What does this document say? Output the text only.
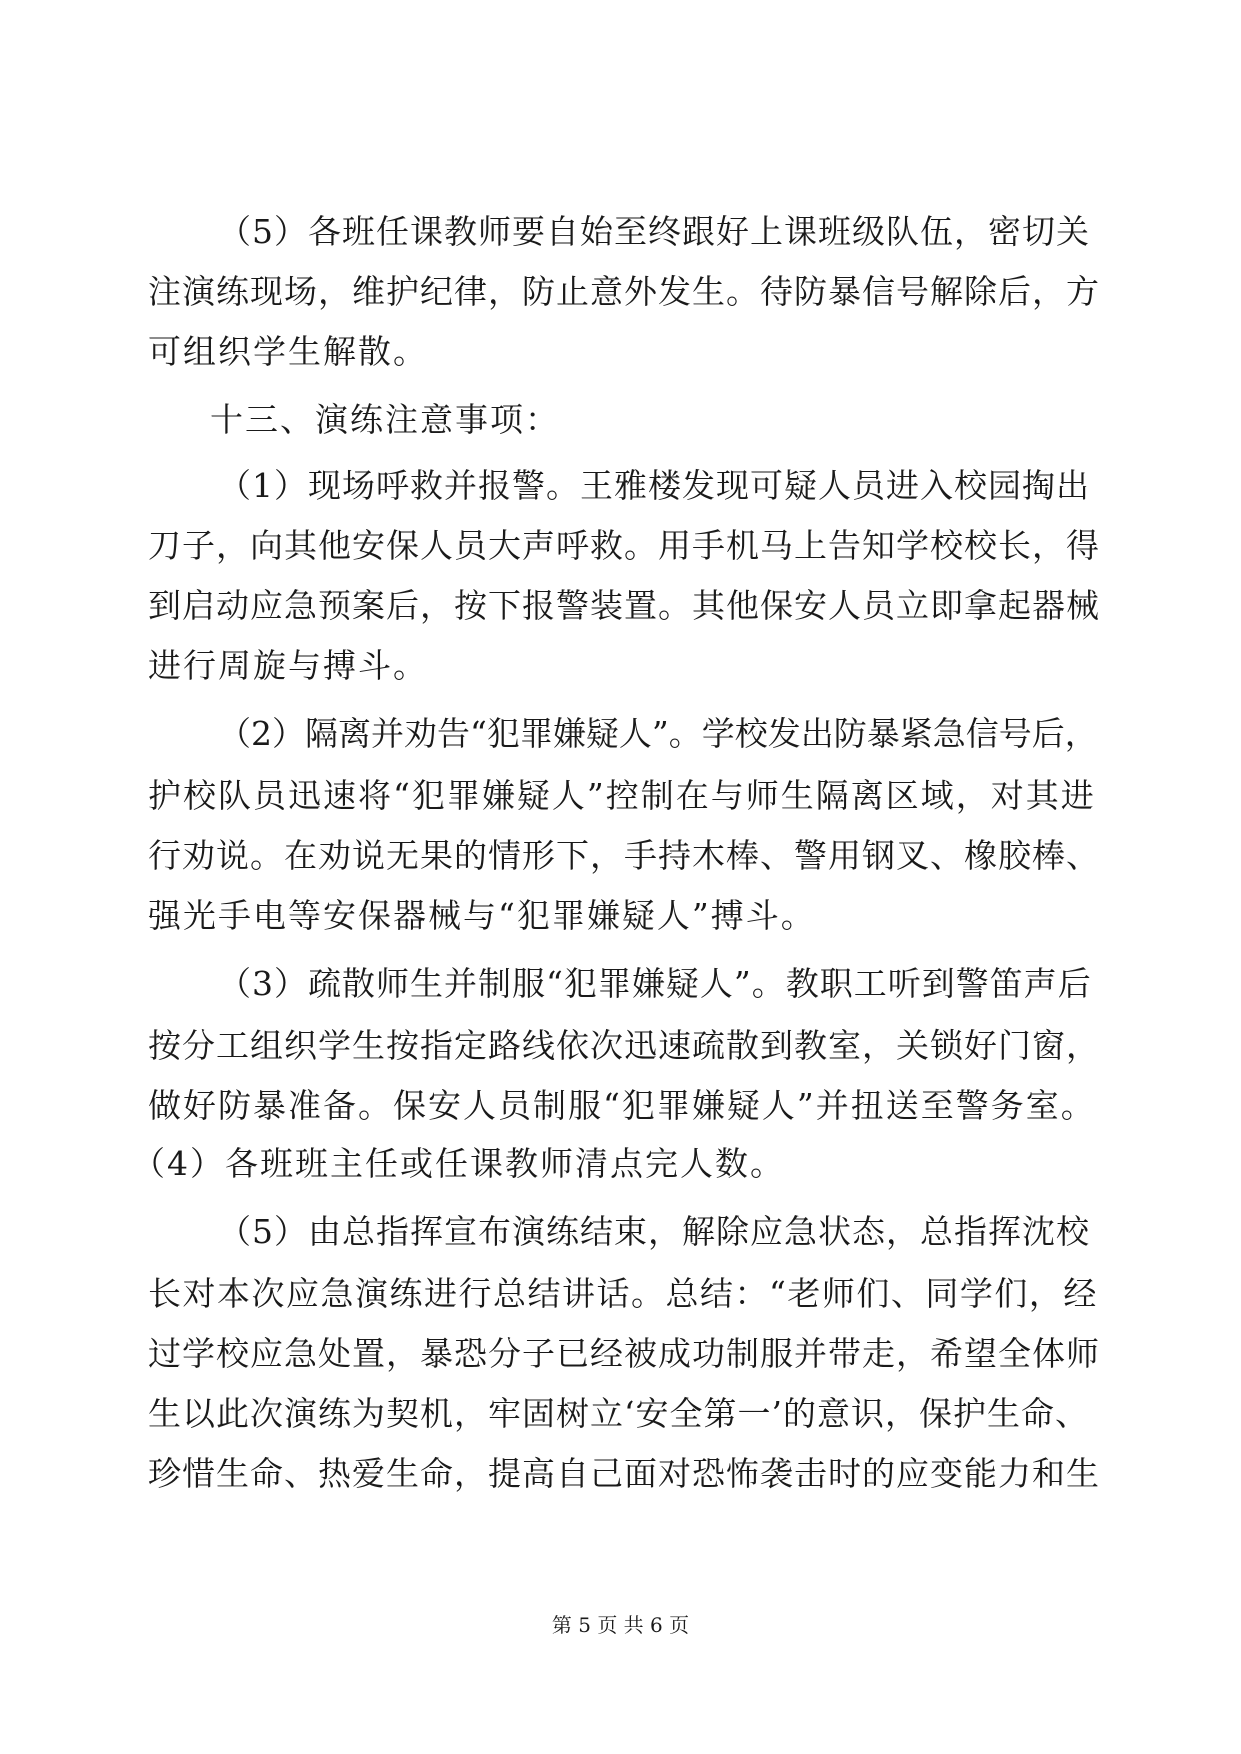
（5）各班任课教师要自始至终跟好上课班级队伍，密切关
注演练现场，维护纪律，防止意外发生。待防暴信号解除后，方
可组织学生解散。
十三、演练注意事项：
（1）现场呼救并报警。王雅楼发现可疑人员进入校园掏出
刀子，向其他安保人员大声呼救。用手机马上告知学校校长，得
到启动应急预案后，按下报警装置。其他保安人员立即拿起器械
进行周旋与搏斗。
（2）隔离并劝告“犯罪嫌疑人”。学校发出防暴紧急信号后，
护校队员迅速将“犯罪嫌疑人”控制在与师生隔离区域，对其进
行劝说。在劝说无果的情形下，手持木棒、警用钢叉、橡胶棒、
强光手电等安保器械与“犯罪嫌疑人”搏斗。
（3）疏散师生并制服“犯罪嫌疑人”。教职工听到警笛声后
按分工组织学生按指定路线依次迅速疏散到教室，关锁好门窗，
做好防暴准备。保安人员制服“犯罪嫌疑人”并扭送至警务室。
（4）各班班主任或任课教师清点完人数。
（5）由总指挥宣布演练结束，解除应急状态，总指挥沈校
长对本次应急演练进行总结讲话。总结：“老师们、同学们，经
过学校应急处置，暴恐分子已经被成功制服并带走，希望全体师
生以此次演练为契机，牢固树立‘安全第一’的意识，保护生命、
珍惜生命、热爱生命，提高自己面对恐怖袭击时的应变能力和生
第 5 页 共 6 页
